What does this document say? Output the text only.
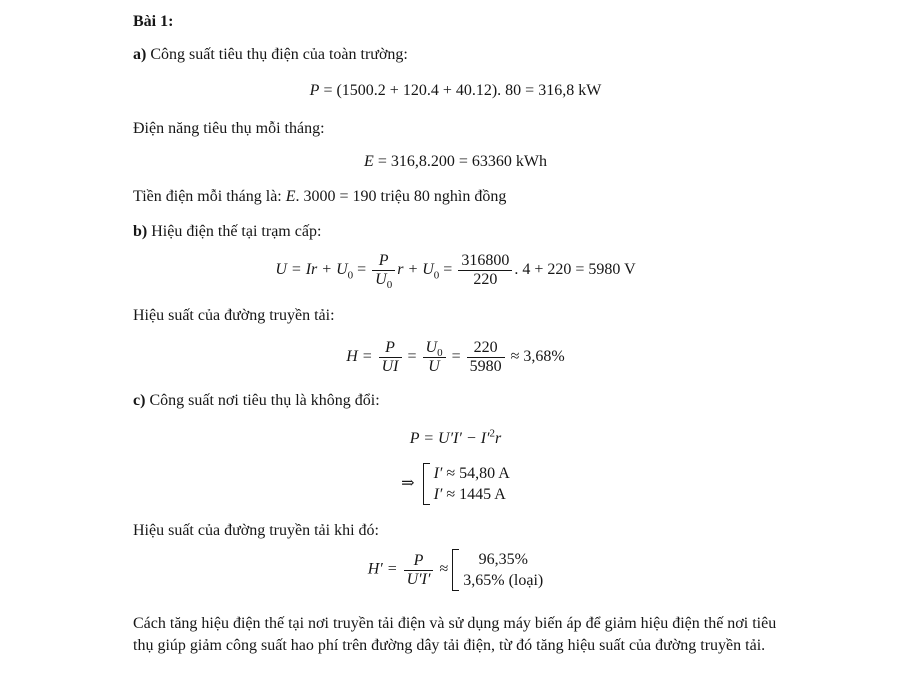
Bài 1:

a) Công suất tiêu thụ điện của toàn trường:

P = (1500.2 + 120.4 + 40.12). 80 = 316,8 kW

Điện năng tiêu thụ mỗi tháng:

E = 316,8.200 = 63360 kWh

Tiền điện mỗi tháng là: E. 3000 = 190 triệu 80 nghìn đồng

b) Hiệu điện thế tại trạm cấp:

$U = Ir + U_0 = \frac{P}{U_0}$ $r + U_0 = \frac{316800}{220}$ . 4 + 220 = 5980 V

Hiệu suất của đường truyền tải:

$H = \frac{P}{UI} = \frac{U_0}{U} = \frac{220}{5980} \approx 3,68\%$

c) Công suất nơi tiêu thụ là không đổi:

$P = U'I' - I'^2r$
⇒
I′ ≈ 54,80 A
I′ ≈ 1445 A

Hiệu suất của đường truyền tải khi đó:

$H' = \frac{P}{U'I'}$ ≈
96,35%
3,65% (loại)

Cách tăng hiệu điện thế tại nơi truyền tải điện và sử dụng máy biến áp để giảm hiệu điện thế nơi tiêu thụ giúp giảm công suất hao phí trên đường dây tải điện, từ đó tăng hiệu suất của đường truyền tải.
